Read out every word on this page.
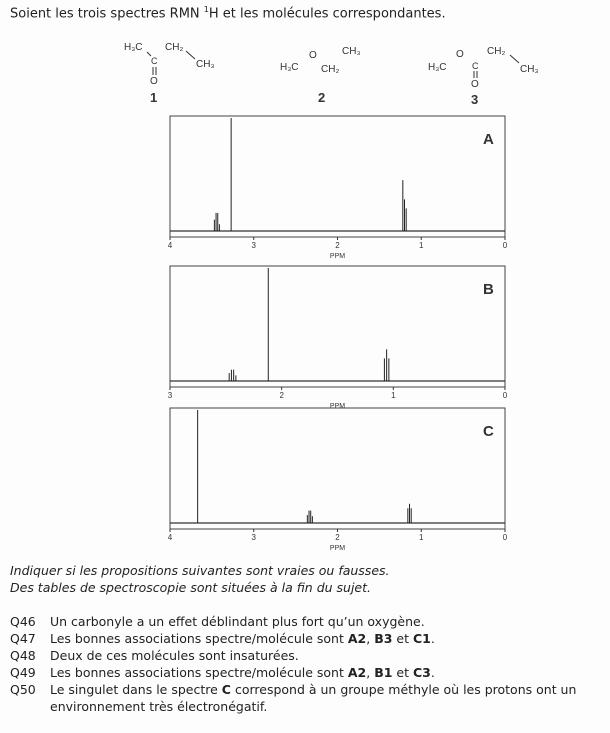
Soient les trois spectres RMN $^1$H et les molécules correspondantes.
H₃C
C
CH₂
CH₃
O
1
H₃C
O
CH₂
CH₃
2
H₃C
O
C
CH₂
CH₃
O
3
4	3	2	1	0
PPM
A
3	2	1	0
PPM
B
4	3	2	1	0
PPM
C
Indiquer si les propositions suivantes sont vraies ou fausses.
Des tables de spectroscopie sont situées à la fin du sujet.
Q46	Un carbonyle a un effet déblindant plus fort qu’un oxygène.
Q47	Les bonnes associations spectre/molécule sont A2, B3 et C1.
Q48	Deux de ces molécules sont insaturées.
Q49	Les bonnes associations spectre/molécule sont A2, B1 et C3.
Q50	Le singulet dans le spectre C correspond à un groupe méthyle où les protons ont un environnement très électronégatif.
